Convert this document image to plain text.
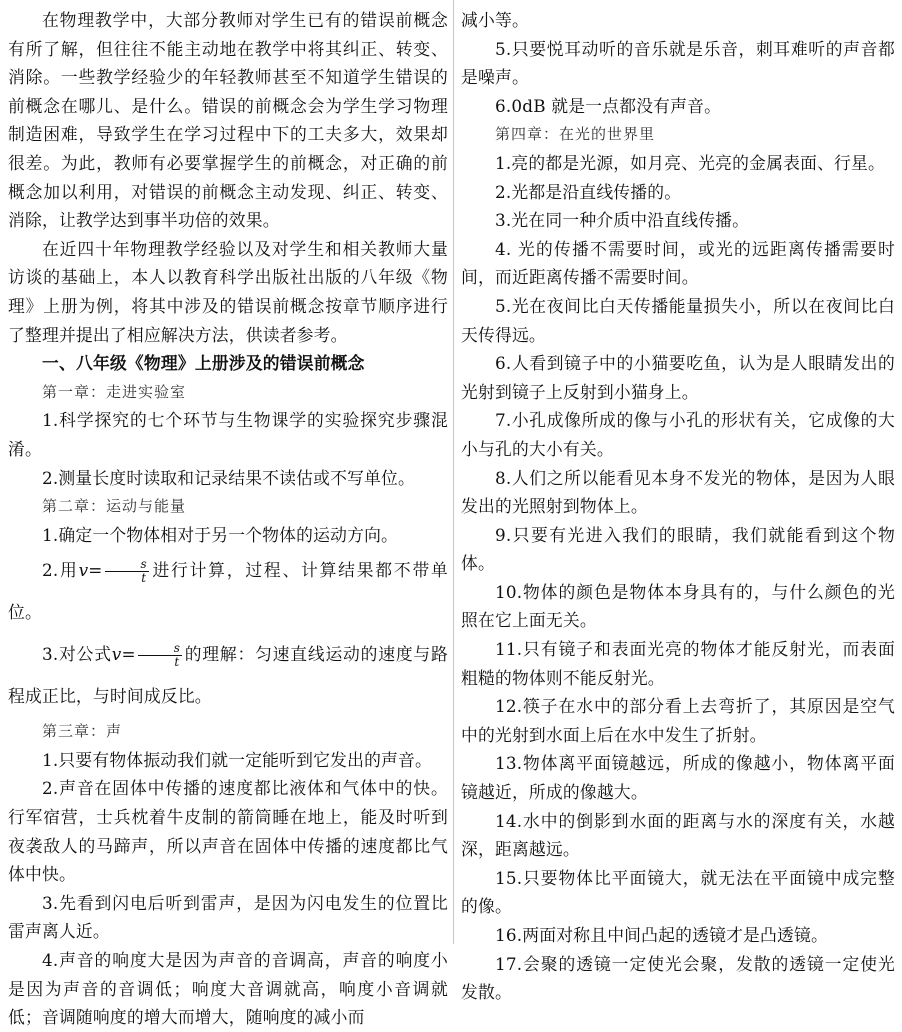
在物理教学中，大部分教师对学生已有的错误前概念有所了解，但往往不能主动地在教学中将其纠正、转变、消除。一些教学经验少的年轻教师甚至不知道学生错误的前概念在哪儿、是什么。错误的前概念会为学生学习物理制造困难，导致学生在学习过程中下的工夫多大，效果却很差。为此，教师有必要掌握学生的前概念，对正确的前概念加以利用，对错误的前概念主动发现、纠正、转变、消除，让教学达到事半功倍的效果。

在近四十年物理教学经验以及对学生和相关教师大量访谈的基础上，本人以教育科学出版社出版的八年级《物理》上册为例，将其中涉及的错误前概念按章节顺序进行了整理并提出了相应解决方法，供读者参考。

一、八年级《物理》上册涉及的错误前概念

第一章：走进实验室

1.科学探究的七个环节与生物课学的实验探究步骤混淆。

2.测量长度时读取和记录结果不读估或不写单位。

第二章：运动与能量

1.确定一个物体相对于另一个物体的运动方向。

2.用$v= \frac{s}{t}$ 进行计算，过程、计算结果都不带单位。

3.对公式$v= \frac{s}{t}$ 的理解：匀速直线运动的速度与路程成正比，与时间成反比。

第三章：声

1.只要有物体振动我们就一定能听到它发出的声音。

2.声音在固体中传播的速度都比液体和气体中的快。行军宿营，士兵枕着牛皮制的箭筒睡在地上，能及时听到夜袭敌人的马蹄声，所以声音在固体中传播的速度都比气体中快。

3.先看到闪电后听到雷声，是因为闪电发生的位置比雷声离人近。

4.声音的响度大是因为声音的音调高，声音的响度小是因为声音的音调低；响度大音调就高，响度小音调就低；音调随响度的增大而增大，随响度的减小而

减小等。

5.只要悦耳动听的音乐就是乐音，刺耳难听的声音都是噪声。

6.0dB 就是一点都没有声音。

第四章：在光的世界里

1.亮的都是光源，如月亮、光亮的金属表面、行星。

2.光都是沿直线传播的。

3.光在同一种介质中沿直线传播。

4. 光的传播不需要时间，或光的远距离传播需要时间，而近距离传播不需要时间。

5.光在夜间比白天传播能量损失小，所以在夜间比白天传得远。

6.人看到镜子中的小猫要吃鱼，认为是人眼睛发出的光射到镜子上反射到小猫身上。

7.小孔成像所成的像与小孔的形状有关，它成像的大小与孔的大小有关。

8.人们之所以能看见本身不发光的物体，是因为人眼发出的光照射到物体上。

9.只要有光进入我们的眼睛，我们就能看到这个物体。

10.物体的颜色是物体本身具有的，与什么颜色的光照在它上面无关。

11.只有镜子和表面光亮的物体才能反射光，而表面粗糙的物体则不能反射光。

12.筷子在水中的部分看上去弯折了，其原因是空气中的光射到水面上后在水中发生了折射。

13.物体离平面镜越远，所成的像越小，物体离平面镜越近，所成的像越大。

14.水中的倒影到水面的距离与水的深度有关，水越深，距离越远。

15.只要物体比平面镜大，就无法在平面镜中成完整的像。

16.两面对称且中间凸起的透镜才是凸透镜。

17.会聚的透镜一定使光会聚，发散的透镜一定使光发散。
